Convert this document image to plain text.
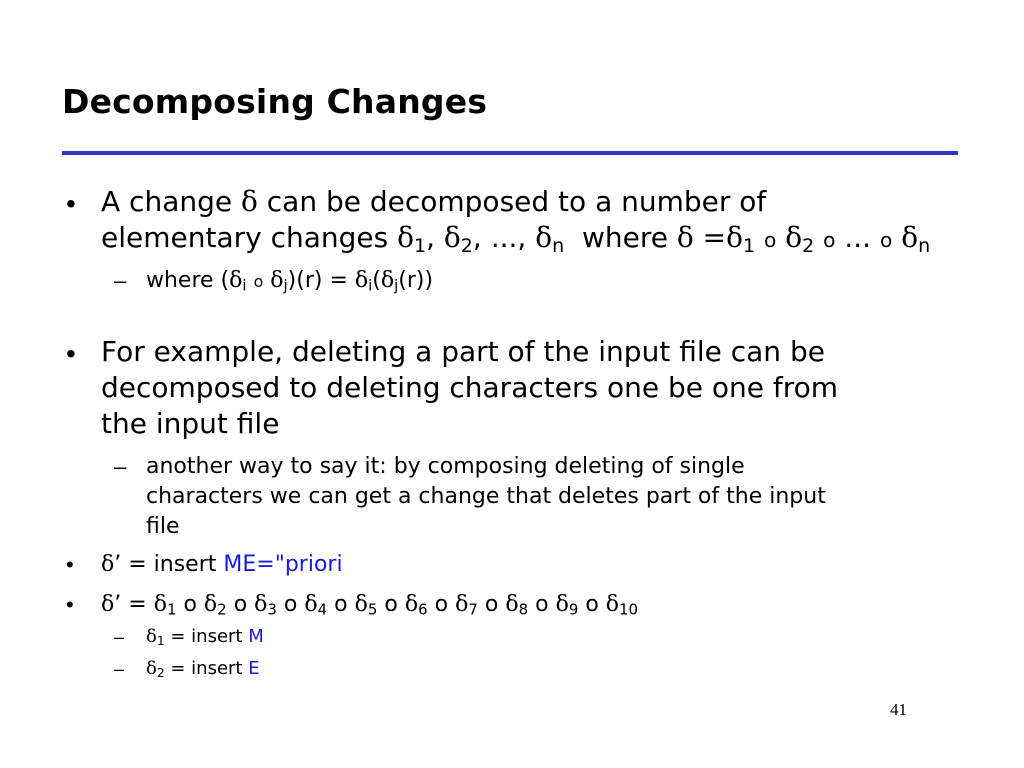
Decomposing Changes
• A change δ can be decomposed to a number of
elementary changes $\delta_1$, $\delta_2$, ..., $\delta_n$ where $\delta =\delta_1$ o $\delta_2$ o ... o $\delta_n$
– where ($\delta_i$ o $\delta_j)(r) = \delta_i(\delta_j(r))$
• For example, deleting a part of the input file can be
decomposed to deleting characters one be one from
the input file
– another way to say it: by composing deleting of single
characters we can get a change that deletes part of the input
file
• δ’ = insert ME="priori
• δ’ = $\delta_1$ o $\delta_2$ o $\delta_3$ o $\delta_4$ o $\delta_5$ o $\delta_6$ o $\delta_7$ o $\delta_8$ o $\delta_9$ o $\delta_{10}$
– $\delta_1$ = insert M
– $\delta_2$ = insert E
41
